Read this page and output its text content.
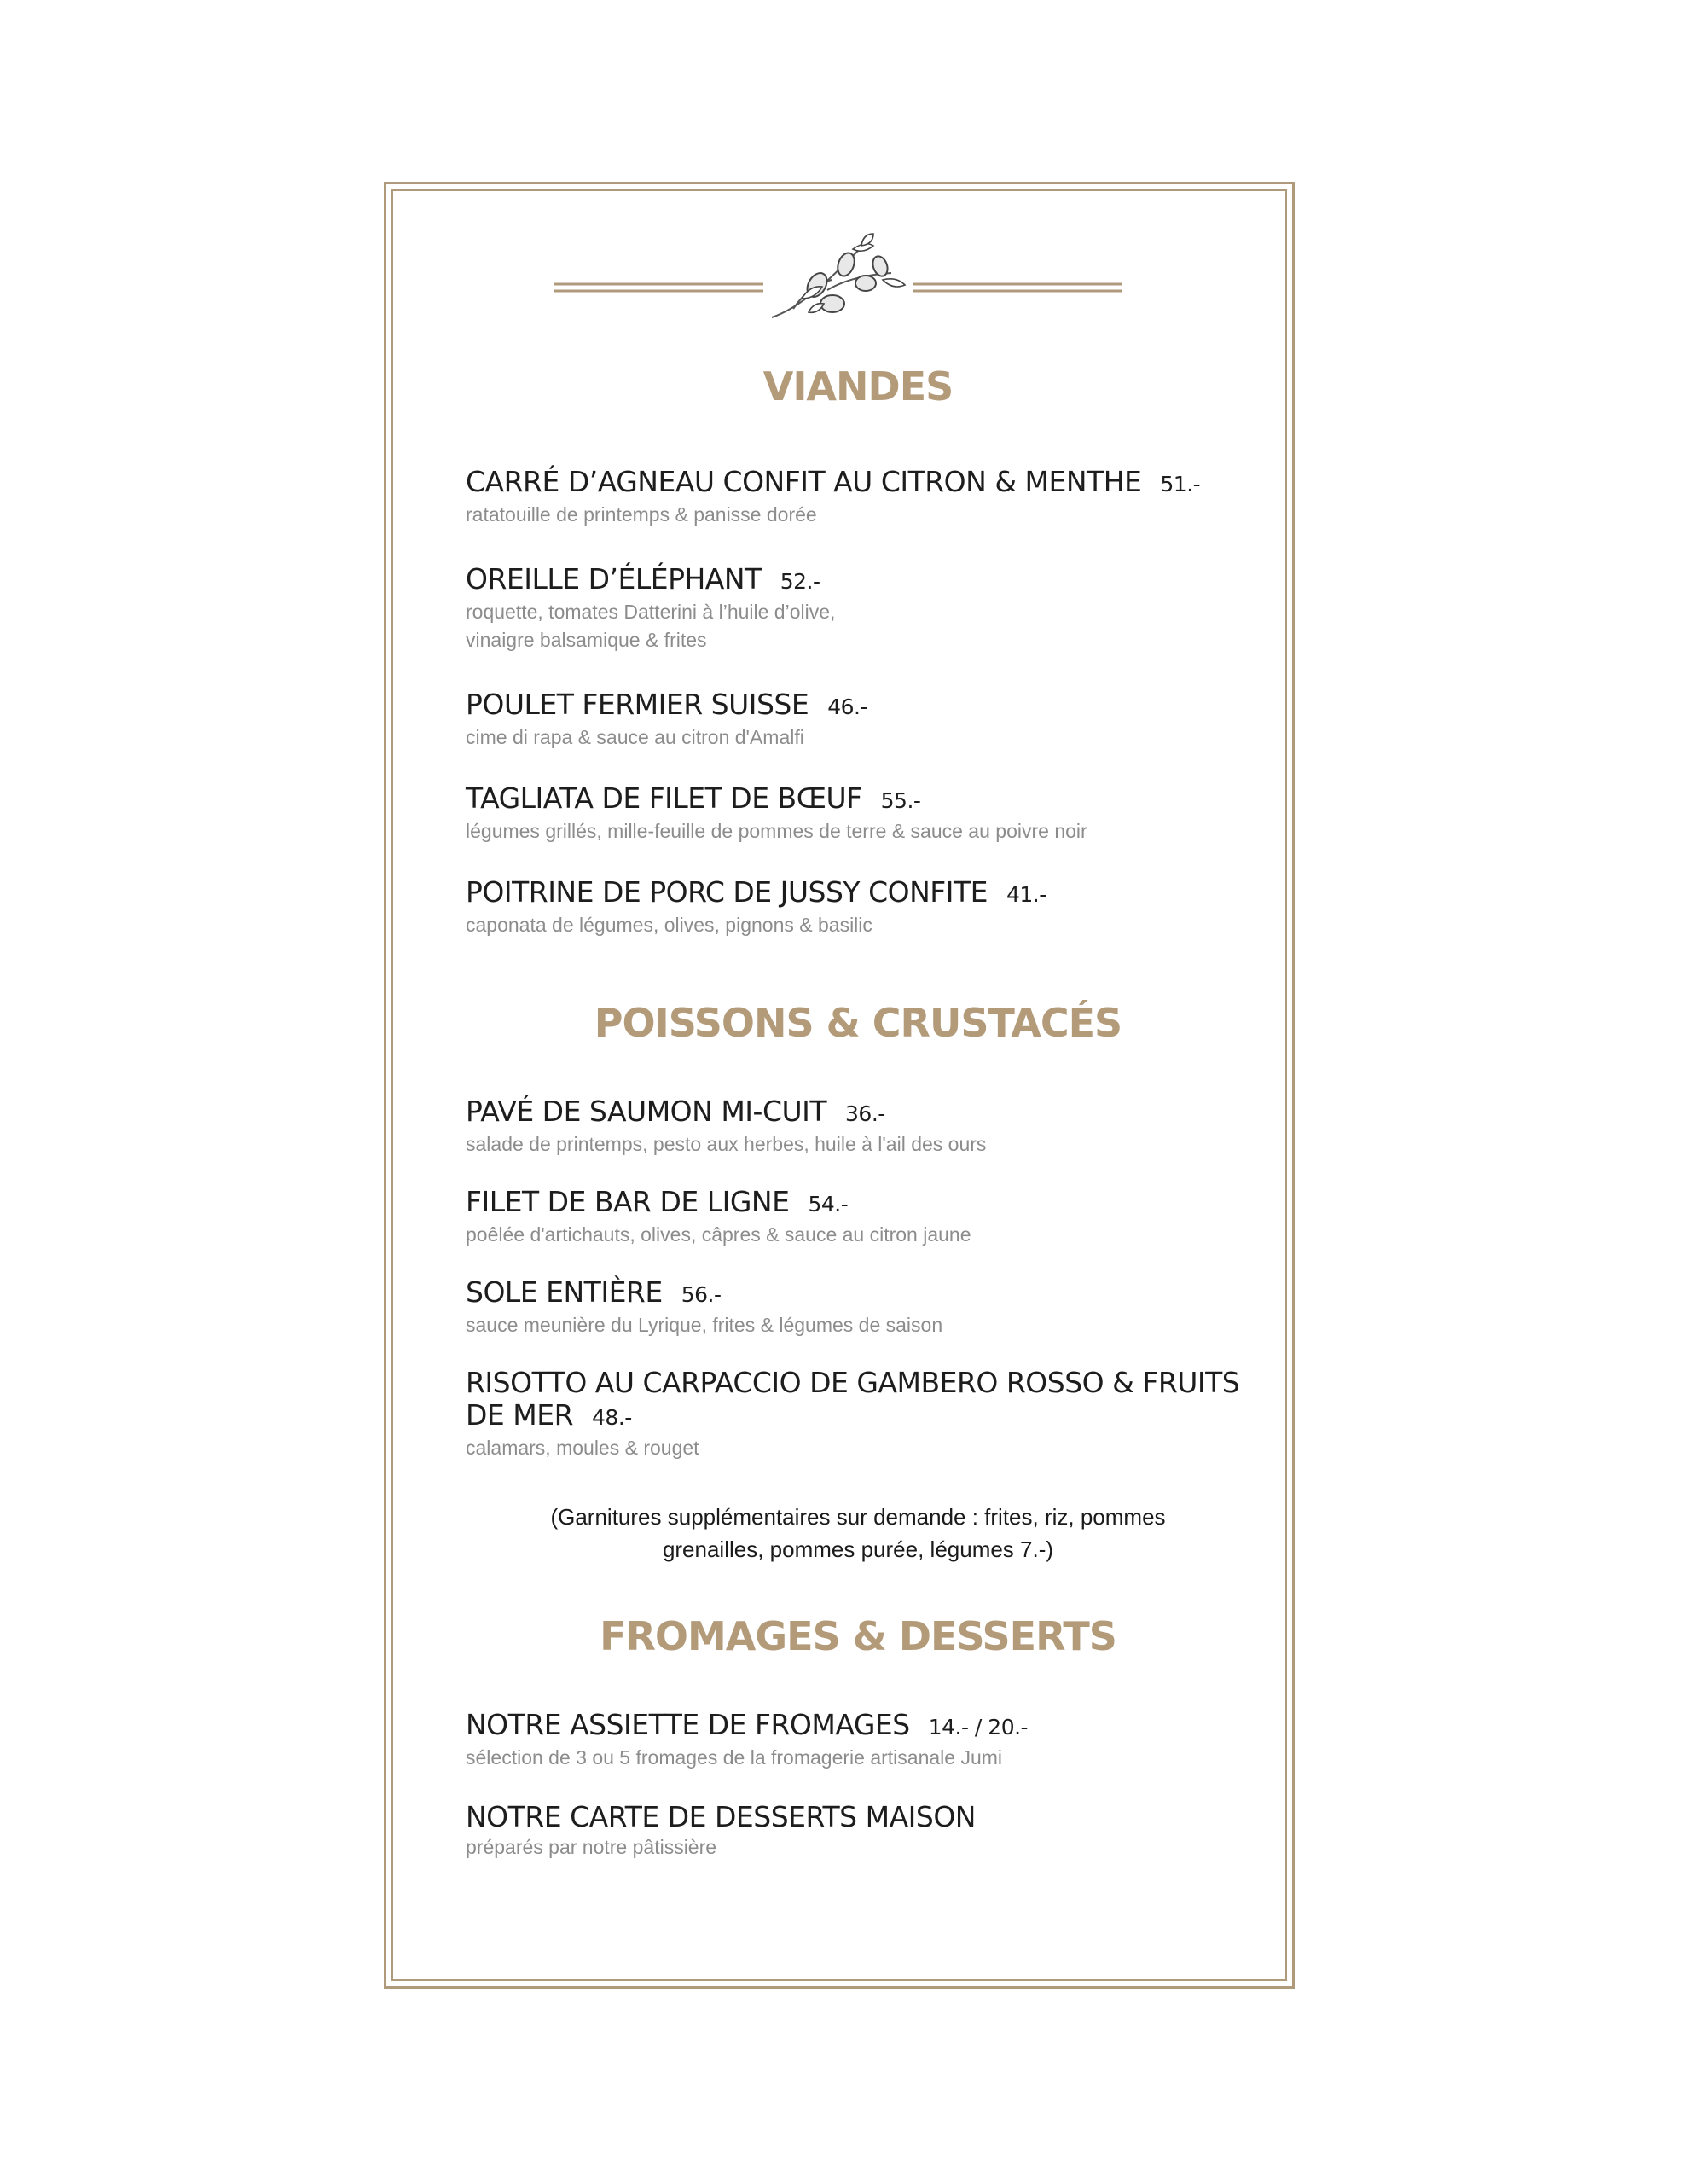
VIANDES
CARRÉ D’AGNEAU CONFIT AU CITRON & MENTHE 51.-
ratatouille de printemps & panisse dorée
OREILLE D’ÉLÉPHANT 52.-
roquette, tomates Datterini à l’huile d’olive,
vinaigre balsamique & frites
POULET FERMIER SUISSE 46.-
cime di rapa & sauce au citron d'Amalfi
TAGLIATA DE FILET DE BŒUF 55.-
légumes grillés, mille-feuille de pommes de terre & sauce au poivre noir
POITRINE DE PORC DE JUSSY CONFITE 41.-
caponata de légumes, olives, pignons & basilic
POISSONS & CRUSTACÉS
PAVÉ DE SAUMON MI-CUIT 36.-
salade de printemps, pesto aux herbes, huile à l'ail des ours
FILET DE BAR DE LIGNE 54.-
poêlée d'artichauts, olives, câpres & sauce au citron jaune
SOLE ENTIÈRE 56.-
sauce meunière du Lyrique, frites & légumes de saison
RISOTTO AU CARPACCIO DE GAMBERO ROSSO & FRUITS DE MER 48.-
calamars, moules & rouget
(Garnitures supplémentaires sur demande : frites, riz, pommes grenailles, pommes purée, légumes 7.-)
FROMAGES & DESSERTS
NOTRE ASSIETTE DE FROMAGES 14.- / 20.-
sélection de 3 ou 5 fromages de la fromagerie artisanale Jumi
NOTRE CARTE DE DESSERTS MAISON
préparés par notre pâtissière
